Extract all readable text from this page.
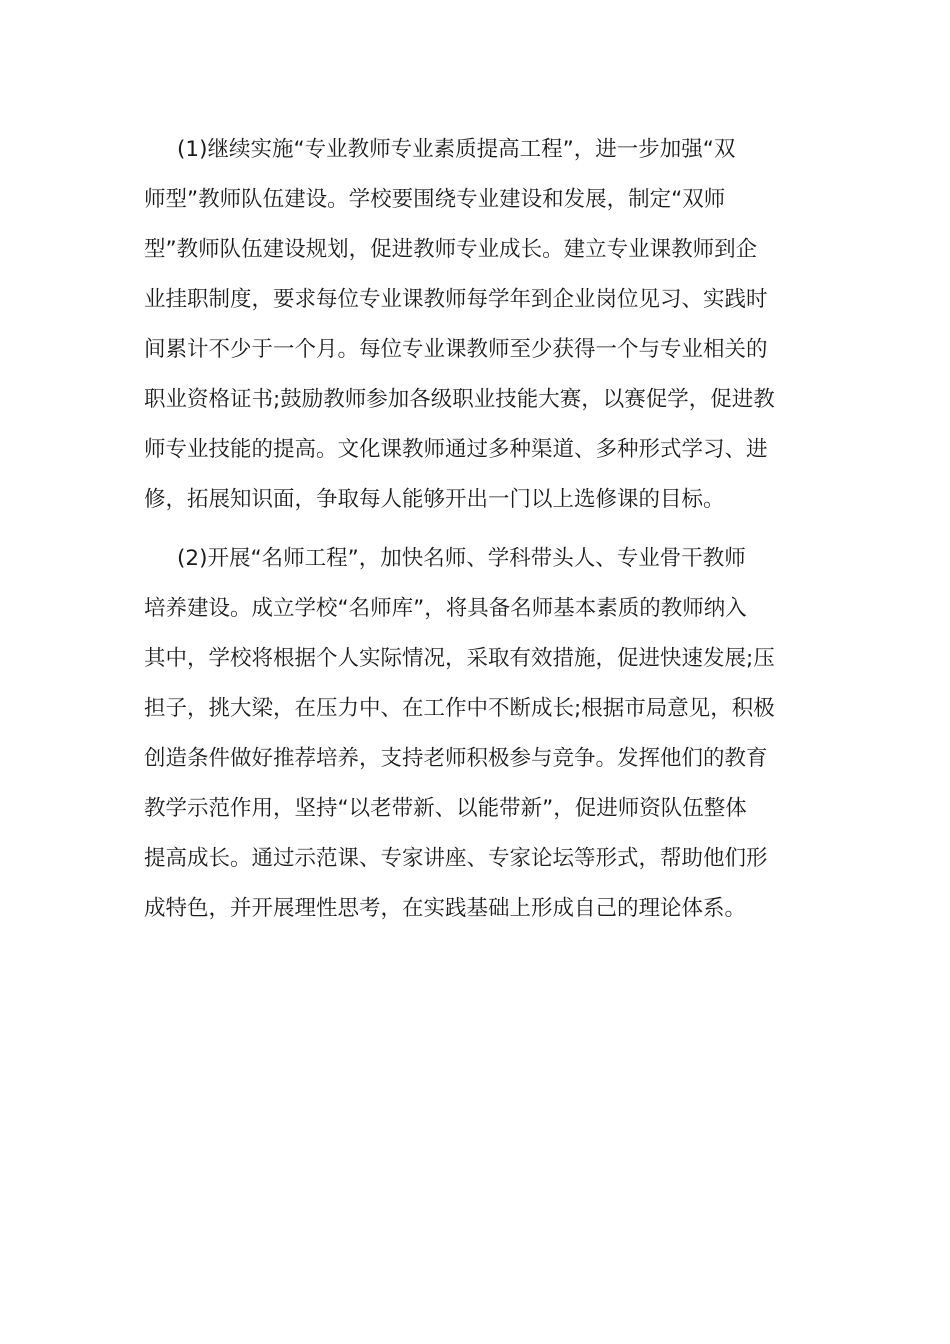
(1)继续实施“专业教师专业素质提高工程”，进一步加强“双
师型”教师队伍建设。学校要围绕专业建设和发展，制定“双师
型”教师队伍建设规划，促进教师专业成长。建立专业课教师到企
业挂职制度，要求每位专业课教师每学年到企业岗位见习、实践时
间累计不少于一个月。每位专业课教师至少获得一个与专业相关的
职业资格证书;鼓励教师参加各级职业技能大赛，以赛促学，促进教
师专业技能的提高。文化课教师通过多种渠道、多种形式学习、进
修，拓展知识面，争取每人能够开出一门以上选修课的目标。

(2)开展“名师工程”，加快名师、学科带头人、专业骨干教师
培养建设。成立学校“名师库”，将具备名师基本素质的教师纳入
其中，学校将根据个人实际情况，采取有效措施，促进快速发展;压
担子，挑大梁，在压力中、在工作中不断成长;根据市局意见，积极
创造条件做好推荐培养，支持老师积极参与竞争。发挥他们的教育
教学示范作用，坚持“以老带新、以能带新”，促进师资队伍整体
提高成长。通过示范课、专家讲座、专家论坛等形式，帮助他们形
成特色，并开展理性思考，在实践基础上形成自己的理论体系。
